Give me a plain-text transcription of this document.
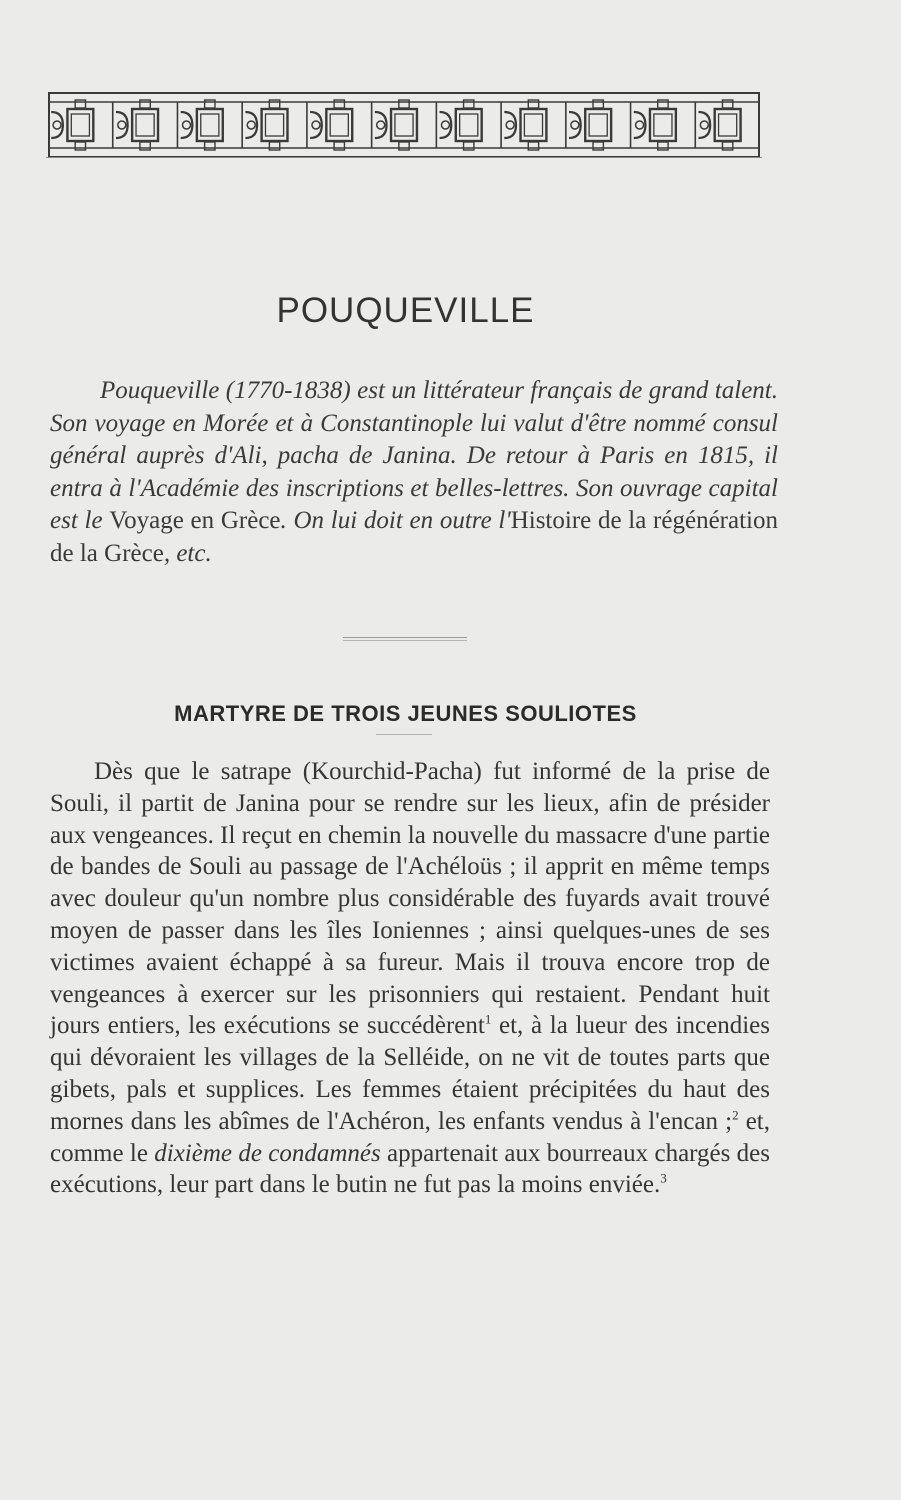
POUQUEVILLE
Pouqueville (1770-1838) est un littérateur français de grand talent. Son voyage en Morée et à Constantinople lui valut d'être nommé consul général auprès d'Ali, pacha de Janina. De retour à Paris en 1815, il entra à l'Académie des inscriptions et belles-lettres. Son ouvrage capital est le Voyage en Grèce. On lui doit en outre l'Histoire de la régénération de la Grèce, etc.
MARTYRE DE TROIS JEUNES SOULIOTES
Dès que le satrape (Kourchid-Pacha) fut informé de la prise de Souli, il partit de Janina pour se rendre sur les lieux, afin de présider aux vengeances. Il reçut en chemin la nouvelle du massacre d'une partie de bandes de Souli au passage de l'Achéloüs ; il apprit en même temps avec douleur qu'un nombre plus considérable des fuyards avait trouvé moyen de passer dans les îles Ioniennes ; ainsi quelques-unes de ses victimes avaient échappé à sa fureur. Mais il trouva encore trop de vengeances à exercer sur les prisonniers qui restaient. Pendant huit jours entiers, les exécutions se succédèrent$^1$ et, à la lueur des incendies qui dévoraient les villages de la Selléide, on ne vit de toutes parts que gibets, pals et supplices. Les femmes étaient précipitées du haut des mornes dans les abîmes de l'Achéron, les enfants vendus à l'encan ;$^2$ et, comme le dixième de condamnés appartenait aux bourreaux chargés des exécutions, leur part dans le butin ne fut pas la moins enviée.$^3$
